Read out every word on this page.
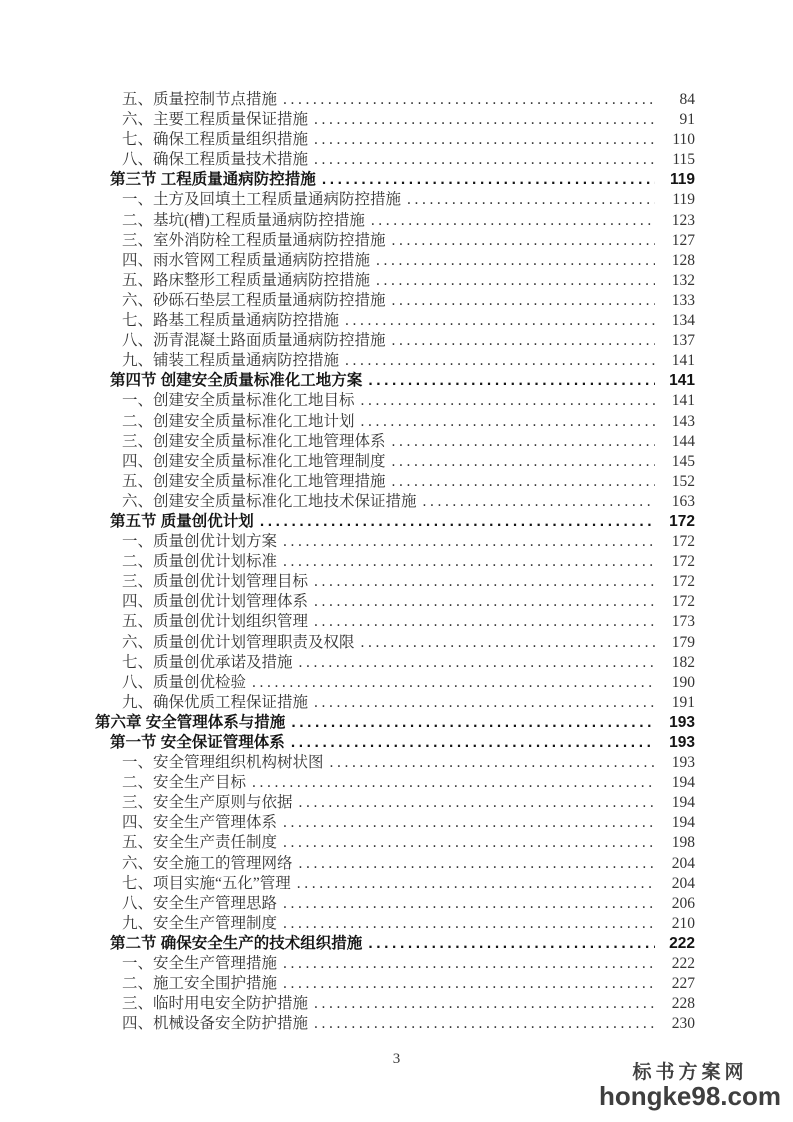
五、质量控制节点措施 .....	84
六、主要工程质量保证措施 .....	91
七、确保工程质量组织措施 .....	110
八、确保工程质量技术措施 .....	115
第三节 工程质量通病防控措施 .....	119
一、土方及回填土工程质量通病防控措施 .....	119
二、基坑(槽)工程质量通病防控措施 .....	123
三、室外消防栓工程质量通病防控措施 .....	127
四、雨水管网工程质量通病防控措施 .....	128
五、路床整形工程质量通病防控措施 .....	132
六、砂砾石垫层工程质量通病防控措施 .....	133
七、路基工程质量通病防控措施 .....	134
八、沥青混凝土路面质量通病防控措施 .....	137
九、铺装工程质量通病防控措施 .....	141
第四节 创建安全质量标准化工地方案 .....	141
一、创建安全质量标准化工地目标 .....	141
二、创建安全质量标准化工地计划 .....	143
三、创建安全质量标准化工地管理体系 .....	144
四、创建安全质量标准化工地管理制度 .....	145
五、创建安全质量标准化工地管理措施 .....	152
六、创建安全质量标准化工地技术保证措施 .....	163
第五节 质量创优计划 .....	172
一、质量创优计划方案 .....	172
二、质量创优计划标准 .....	172
三、质量创优计划管理目标 .....	172
四、质量创优计划管理体系 .....	172
五、质量创优计划组织管理 .....	173
六、质量创优计划管理职责及权限 .....	179
七、质量创优承诺及措施 .....	182
八、质量创优检验 .....	190
九、确保优质工程保证措施 .....	191
第六章 安全管理体系与措施 .....	193
第一节 安全保证管理体系 .....	193
一、安全管理组织机构树状图 .....	193
二、安全生产目标 .....	194
三、安全生产原则与依据 .....	194
四、安全生产管理体系 .....	194
五、安全生产责任制度 .....	198
六、安全施工的管理网络 .....	204
七、项目实施“五化”管理 .....	204
八、安全生产管理思路 .....	206
九、安全生产管理制度 .....	210
第二节 确保安全生产的技术组织措施 .....	222
一、安全生产管理措施 .....	222
二、施工安全围护措施 .....	227
三、临时用电安全防护措施 .....	228
四、机械设备安全防护措施 .....	230
3
标书方案网
hongke98.com
